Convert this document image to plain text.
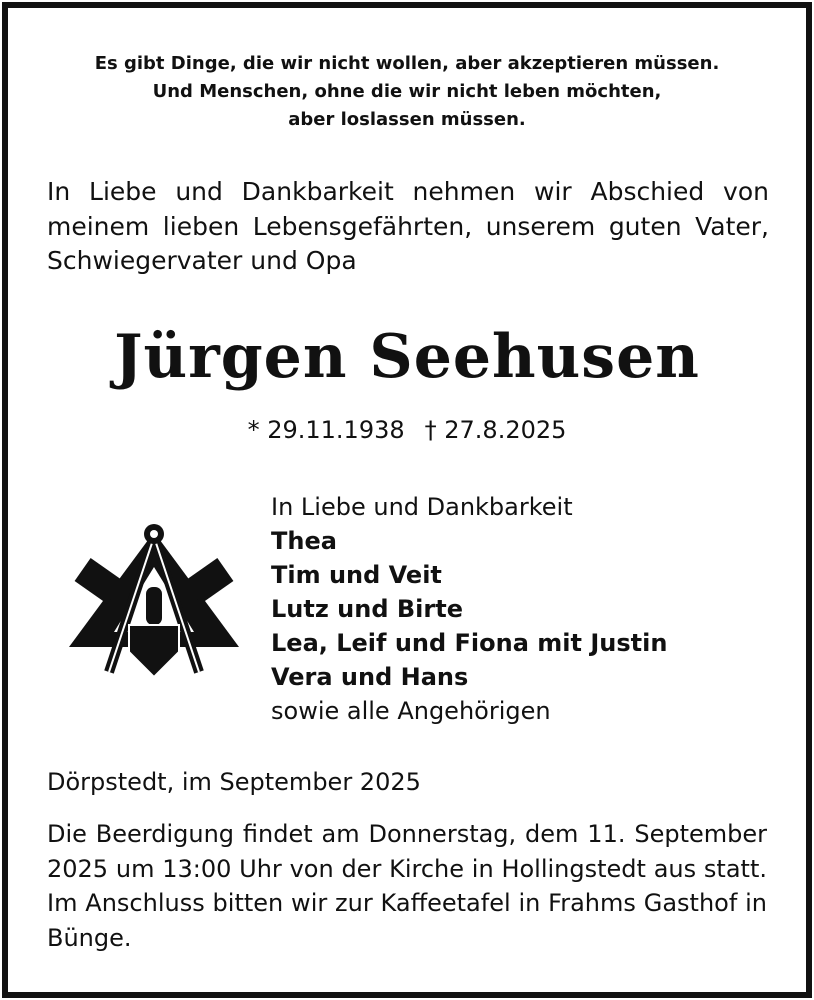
Es gibt Dinge, die wir nicht wollen, aber akzeptieren müssen.
Und Menschen, ohne die wir nicht leben möchten,
aber loslassen müssen.
In Liebe und Dankbarkeit nehmen wir Abschied von meinem lieben Lebensgefährten, unserem guten Vater, Schwiegervater und Opa
Jürgen Seehusen
* 29.11.1938 † 27.8.2025
In Liebe und Dankbarkeit
Thea
Tim und Veit
Lutz und Birte
Lea, Leif und Fiona mit Justin
Vera und Hans
sowie alle Angehörigen
Dörpstedt, im September 2025
Die Beerdigung findet am Donnerstag, dem 11. September 2025 um 13:00 Uhr von der Kirche in Hollingstedt aus statt. Im Anschluss bitten wir zur Kaffeetafel in Frahms Gasthof in Bünge.
